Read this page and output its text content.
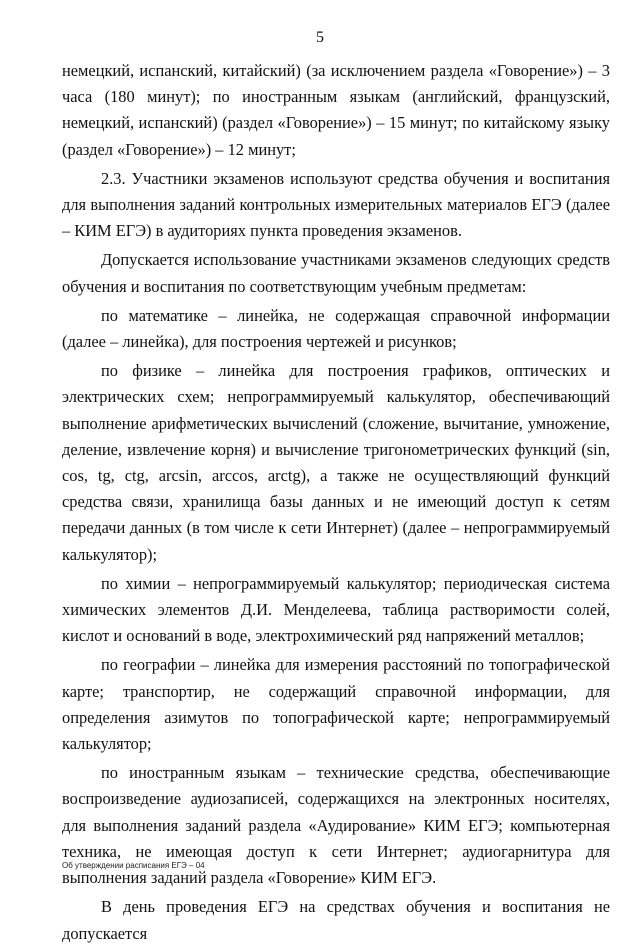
5

немецкий, испанский, китайский) (за исключением раздела «Говорение») – 3 часа (180 минут); по иностранным языкам (английский, французский, немецкий, испанский) (раздел «Говорение») – 15 минут; по китайскому языку (раздел «Говорение») – 12 минут;

2.3. Участники экзаменов используют средства обучения и воспитания для выполнения заданий контрольных измерительных материалов ЕГЭ (далее – КИМ ЕГЭ) в аудиториях пункта проведения экзаменов.

Допускается использование участниками экзаменов следующих средств обучения и воспитания по соответствующим учебным предметам:

по математике – линейка, не содержащая справочной информации (далее – линейка), для построения чертежей и рисунков;

по физике – линейка для построения графиков, оптических и электрических схем; непрограммируемый калькулятор, обеспечивающий выполнение арифметических вычислений (сложение, вычитание, умножение, деление, извлечение корня) и вычисление тригонометрических функций (sin, cos, tg, ctg, arcsin, arccos, arctg), а также не осуществляющий функций средства связи, хранилища базы данных и не имеющий доступ к сетям передачи данных (в том числе к сети Интернет) (далее – непрограммируемый калькулятор);

по химии – непрограммируемый калькулятор; периодическая система химических элементов Д.И. Менделеева, таблица растворимости солей, кислот и оснований в воде, электрохимический ряд напряжений металлов;

по географии – линейка для измерения расстояний по топографической карте; транспортир, не содержащий справочной информации, для определения азимутов по топографической карте; непрограммируемый калькулятор;

по иностранным языкам – технические средства, обеспечивающие воспроизведение аудиозаписей, содержащихся на электронных носителях, для выполнения заданий раздела «Аудирование» КИМ ЕГЭ; компьютерная техника, не имеющая доступ к сети Интернет; аудиогарнитура для выполнения заданий раздела «Говорение» КИМ ЕГЭ.

В день проведения ЕГЭ на средствах обучения и воспитания не допускается

Об утверждении расписания ЕГЭ – 04
